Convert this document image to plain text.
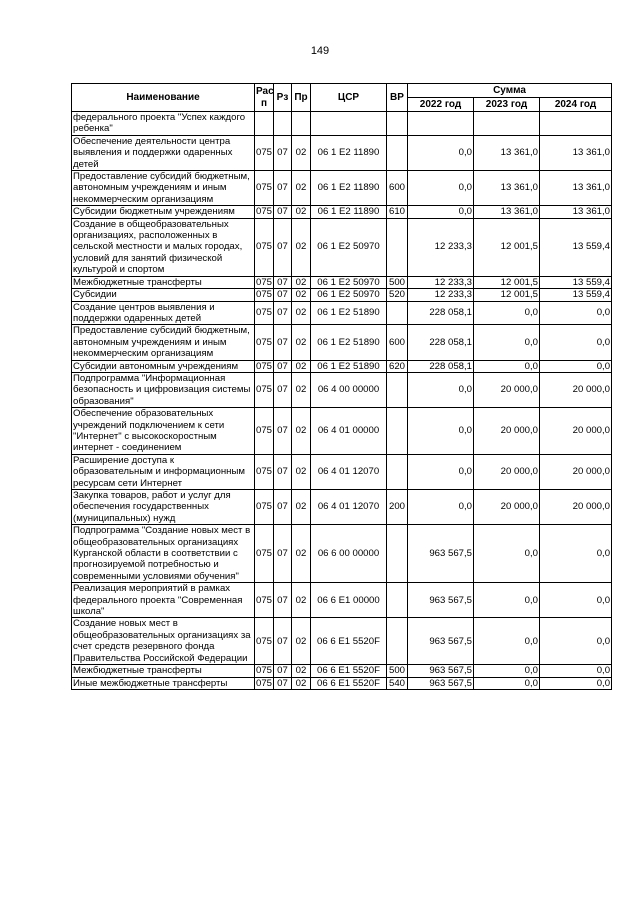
149
Наименование	Рас п	Рз	Пр	ЦСР	ВР	Сумма		
						2022 год	2023 год	2024 год
федерального проекта "Успех каждого ребенка"								
Обеспечение деятельности центра выявления и поддержки одаренных детей	075	07	02	06 1 E2 11890		0,0	13 361,0	13 361,0
Предоставление субсидий бюджетным, автономным учреждениям и иным некоммерческим организациям	075	07	02	06 1 E2 11890	600	0,0	13 361,0	13 361,0
Субсидии бюджетным учреждениям	075	07	02	06 1 E2 11890	610	0,0	13 361,0	13 361,0
Создание в общеобразовательных организациях, расположенных в сельской местности и малых городах, условий для занятий физической культурой и спортом	075	07	02	06 1 E2 50970		12 233,3	12 001,5	13 559,4
Межбюджетные трансферты	075	07	02	06 1 E2 50970	500	12 233,3	12 001,5	13 559,4
Субсидии	075	07	02	06 1 E2 50970	520	12 233,3	12 001,5	13 559,4
Создание центров выявления и поддержки одаренных детей	075	07	02	06 1 E2 51890		228 058,1	0,0	0,0
Предоставление субсидий бюджетным, автономным учреждениям и иным некоммерческим организациям	075	07	02	06 1 E2 51890	600	228 058,1	0,0	0,0
Субсидии автономным учреждениям	075	07	02	06 1 E2 51890	620	228 058,1	0,0	0,0
Подпрограмма "Информационная безопасность и цифровизация системы образования"	075	07	02	06 4 00 00000		0,0	20 000,0	20 000,0
Обеспечение образовательных учреждений подключением к сети "Интернет" с высокоскоростным интернет - соединением	075	07	02	06 4 01 00000		0,0	20 000,0	20 000,0
Расширение доступа к образовательным и информационным ресурсам сети Интернет	075	07	02	06 4 01 12070		0,0	20 000,0	20 000,0
Закупка товаров, работ и услуг для обеспечения государственных (муниципальных) нужд	075	07	02	06 4 01 12070	200	0,0	20 000,0	20 000,0
Подпрограмма "Создание новых мест в общеобразовательных организациях Курганской области в соответствии с прогнозируемой потребностью и современными условиями обучения"	075	07	02	06 6 00 00000		963 567,5	0,0	0,0
Реализация мероприятий в рамках федерального проекта "Современная школа"	075	07	02	06 6 E1 00000		963 567,5	0,0	0,0
Создание новых мест в общеобразовательных организациях за счет средств резервного фонда Правительства Российской Федерации	075	07	02	06 6 E1 5520F		963 567,5	0,0	0,0
Межбюджетные трансферты	075	07	02	06 6 E1 5520F	500	963 567,5	0,0	0,0
Иные межбюджетные трансферты	075	07	02	06 6 E1 5520F	540	963 567,5	0,0	0,0
